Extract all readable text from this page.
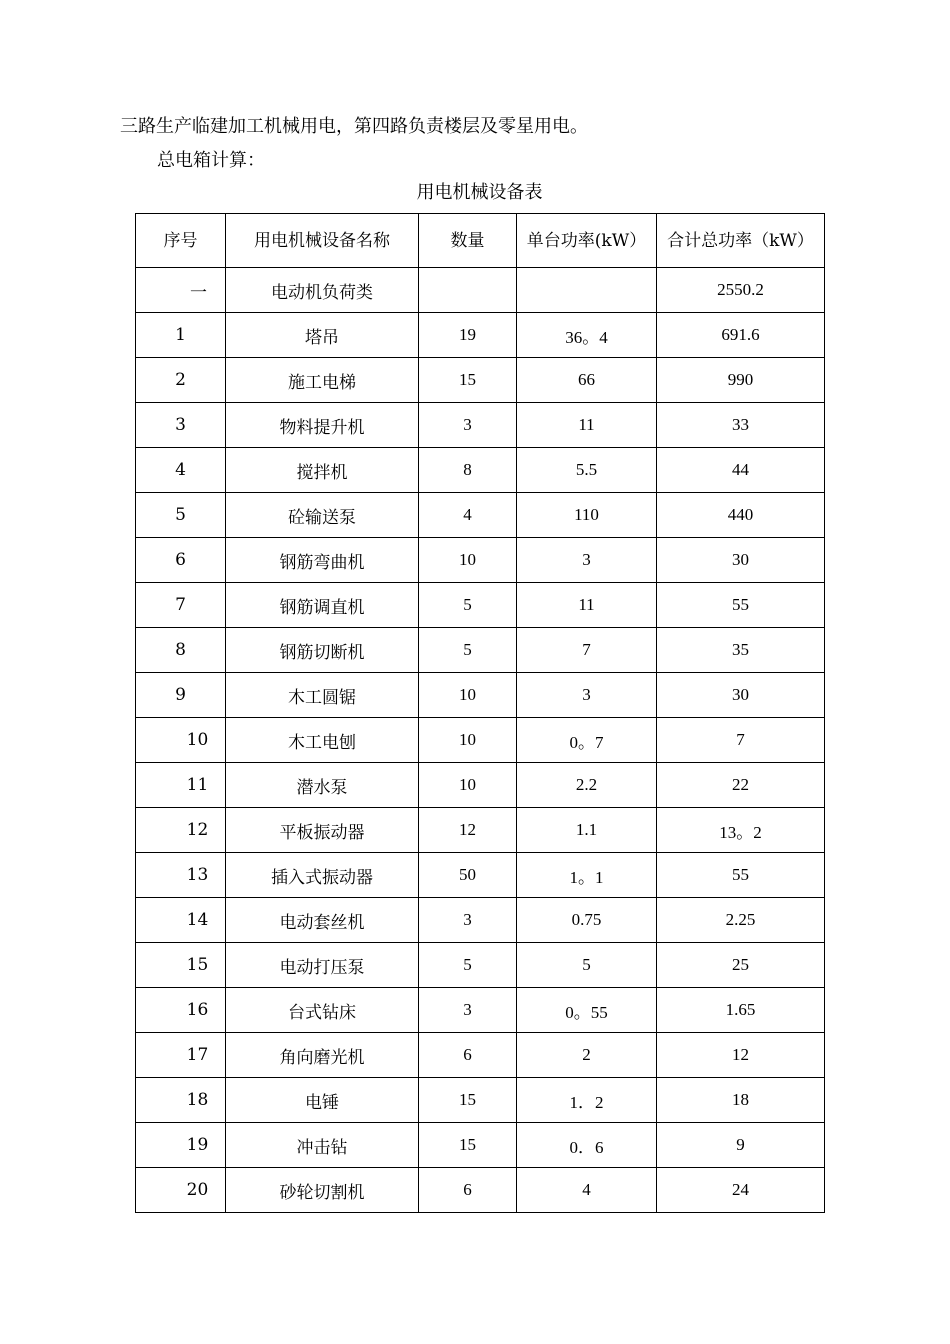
三路生产临建加工机械用电，第四路负责楼层及零星用电。
总电箱计算：
用电机械设备表
序号	用电机械设备名称	数量	单台功率(kW）	合计总功率（kW）
一	电动机负荷类			2550.2
1	塔吊	19	36。4	691.6
2	施工电梯	15	66	990
3	物料提升机	3	11	33
4	搅拌机	8	5.5	44
5	砼输送泵	4	110	440
6	钢筋弯曲机	10	3	30
7	钢筋调直机	5	11	55
8	钢筋切断机	5	7	35
9	木工圆锯	10	3	30
10	木工电刨	10	0。7	7
11	潜水泵	10	2.2	22
12	平板振动器	12	1.1	13。2
13	插入式振动器	50	1。1	55
14	电动套丝机	3	0.75	2.25
15	电动打压泵	5	5	25
16	台式钻床	3	0。55	1.65
17	角向磨光机	6	2	12
18	电锤	15	1．2	18
19	冲击钻	15	0．6	9
20	砂轮切割机	6	4	24
